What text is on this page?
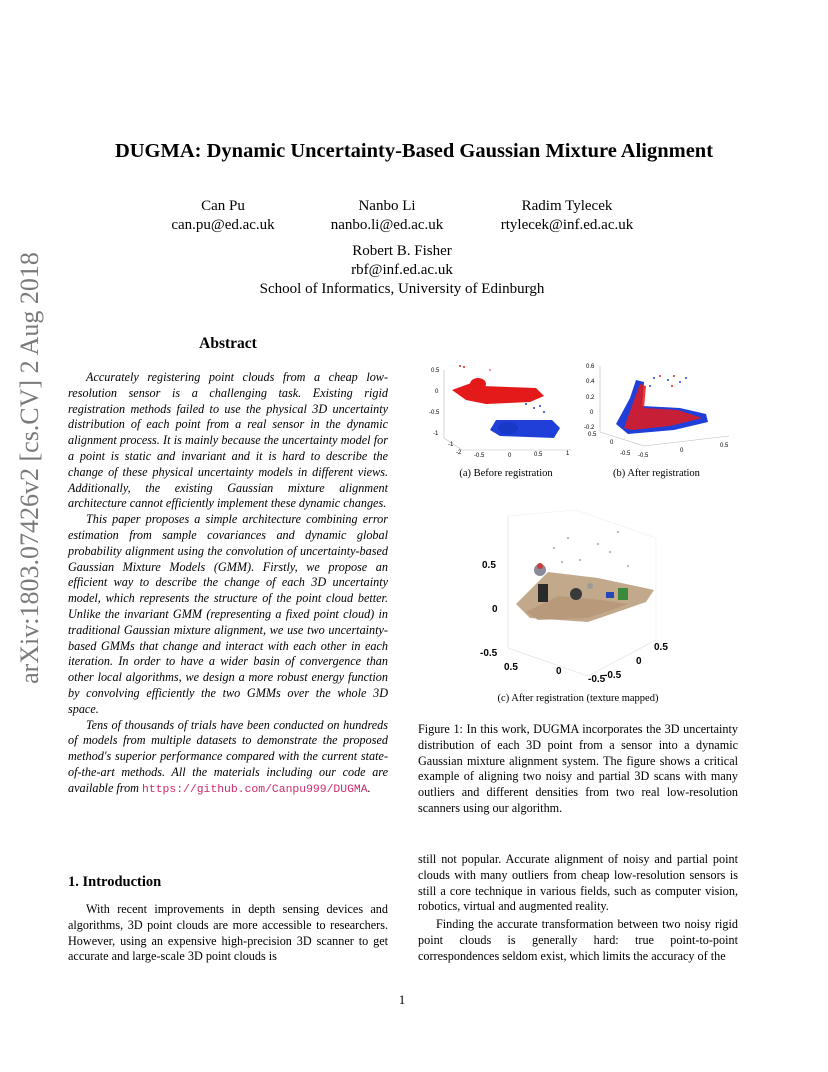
arXiv:1803.07426v2 [cs.CV] 2 Aug 2018
DUGMA: Dynamic Uncertainty-Based Gaussian Mixture Alignment
Can Pu
can.pu@ed.ac.uk
Nanbo Li
nanbo.li@ed.ac.uk
Radim Tylecek
rtylecek@inf.ed.ac.uk
Robert B. Fisher
rbf@inf.ed.ac.uk
School of Informatics, University of Edinburgh
Abstract

Accurately registering point clouds from a cheap low-resolution sensor is a challenging task. Existing rigid registration methods failed to use the physical 3D uncertainty distribution of each point from a real sensor in the dynamic alignment process. It is mainly because the uncertainty model for a point is static and invariant and it is hard to describe the change of these physical uncertainty models in different views. Additionally, the existing Gaussian mixture alignment architecture cannot efficiently implement these dynamic changes.

This paper proposes a simple architecture combining error estimation from sample covariances and dynamic global probability alignment using the convolution of uncertainty-based Gaussian Mixture Models (GMM). Firstly, we propose an efficient way to describe the change of each 3D uncertainty model, which represents the structure of the point cloud better. Unlike the invariant GMM (representing a fixed point cloud) in traditional Gaussian mixture alignment, we use two uncertainty-based GMMs that change and interact with each other in each iteration. In order to have a wider basin of convergence than other local algorithms, we design a more robust energy function by convolving efficiently the two GMMs over the whole 3D space.

Tens of thousands of trials have been conducted on hundreds of models from multiple datasets to demonstrate the proposed method's superior performance compared with the current state-of-the-art methods. All the materials including our code are available from https://github.com/Canpu999/DUGMA.

1. Introduction

With recent improvements in depth sensing devices and algorithms, 3D point clouds are more accessible to researchers. However, using an expensive high-precision 3D scanner to get accurate and large-scale 3D point clouds is

0.5
0
-0.5
-1
-2
-1
-0.5	0	0.5	1
0.6
0.4
0.2
0
-0.2
0.5
0
-0.5 -0.5
0
0.5
(a) Before registration	(b) After registration
0.5
0
-0.5
0.5	0
-0.5
0.5
0
-0.5
(c) After registration (texture mapped)
Figure 1: In this work, DUGMA incorporates the 3D uncertainty distribution of each 3D point from a sensor into a dynamic Gaussian mixture alignment system. The figure shows a critical example of aligning two noisy and partial 3D scans with many outliers and different densities from two real low-resolution scanners using our algorithm.

still not popular. Accurate alignment of noisy and partial point clouds with many outliers from cheap low-resolution sensors is still a core technique in various fields, such as computer vision, robotics, virtual and augmented reality.

Finding the accurate transformation between two noisy rigid point clouds is generally hard: true point-to-point correspondences seldom exist, which limits the accuracy of the

1
